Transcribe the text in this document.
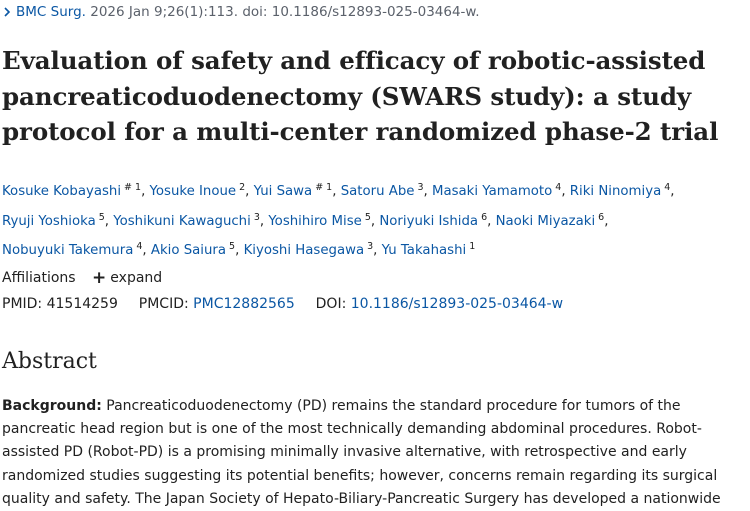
BMC Surg. 2026 Jan 9;26(1):113. doi: 10.1186/s12893-025-03464-w.
Evaluation of safety and efficacy of robotic-assisted pancreaticoduodenectomy (SWARS study): a study protocol for a multi-center randomized phase-2 trial
Kosuke Kobayashi $^{\# 1}$, Yosuke Inoue $^2$, Yui Sawa $^{\# 1}$, Satoru Abe $^3$, Masaki Yamamoto $^4$, Riki Ninomiya $^4$, Ryuji Yoshioka $^5$, Yoshikuni Kawaguchi $^3$, Yoshihiro Mise $^5$, Noriyuki Ishida $^6$, Naoki Miyazaki $^6$, Nobuyuki Takemura $^4$, Akio Saiura $^5$, Kiyoshi Hasegawa $^3$, Yu Takahashi $^1$
Affiliations + expand
PMID: 41514259 PMCID: PMC12882565 DOI: 10.1186/s12893-025-03464-w
Abstract

Background: Pancreaticoduodenectomy (PD) remains the standard procedure for tumors of the pancreatic head region but is one of the most technically demanding abdominal procedures. Robot-assisted PD (Robot-PD) is a promising minimally invasive alternative, with retrospective and early randomized studies suggesting its potential benefits; however, concerns remain regarding its surgical quality and safety. The Japan Society of Hepato-Biliary-Pancreatic Surgery has developed a nationwide
